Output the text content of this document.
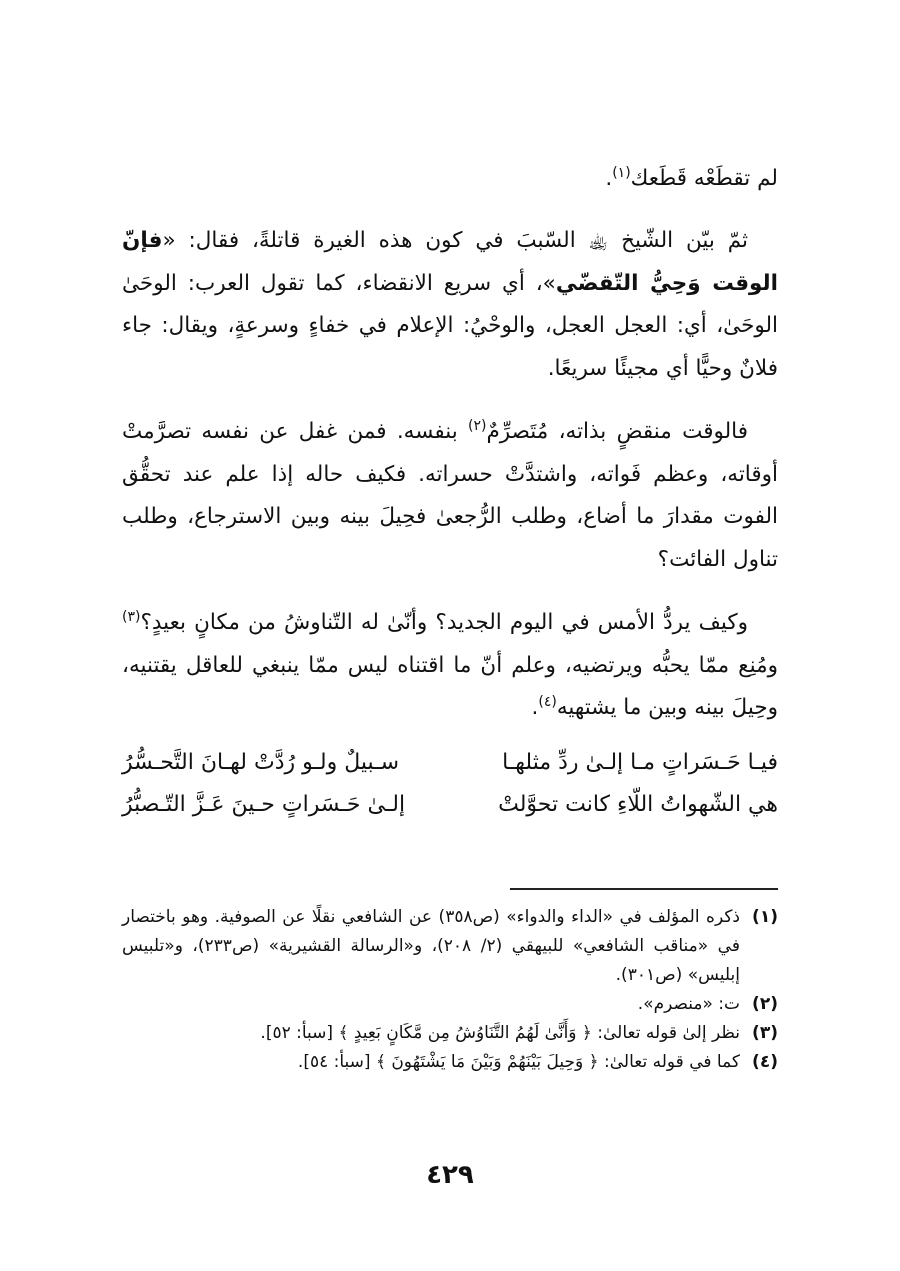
لم تقطَعْه قَطَعك$^{(١)}$.

ثمّ بيّن الشّيخ ﵀ السّببَ في كون هذه الغيرة قاتلةً، فقال: «فإنّ الوقت وَحِيُّ التّقضّي»، أي سريع الانقضاء، كما تقول العرب: الوحَىٰ الوحَىٰ، أي: العجل العجل، والوحْيُ: الإعلام في خفاءٍ وسرعةٍ، ويقال: جاء فلانٌ وحيًّا أي مجيئًا سريعًا.

فالوقت منقضٍ بذاته، مُتَصرِّمٌ$^{(٢)}$ بنفسه. فمن غفل عن نفسه تصرَّمتْ أوقاته، وعظم فَواته، واشتدَّتْ حسراته. فكيف حاله إذا علم عند تحقُّق الفوت مقدارَ ما أضاع، وطلب الرُّجعىٰ فحِيلَ بينه وبين الاسترجاع، وطلب تناول الفائت؟

وكيف يردُّ الأمس في اليوم الجديد؟ وأنّىٰ له التّناوشُ من مكانٍ بعيدٍ؟$^{(٣)}$ ومُنِع ممّا يحبُّه ويرتضيه، وعلم أنّ ما اقتناه ليس ممّا ينبغي للعاقل يقتنيه، وحِيلَ بينه وبين ما يشتهيه$^{(٤)}$.

فيـا حَـسَراتٍ مـا إلـىٰ ردِّ مثلهـا
سـبيلٌ ولـو رُدَّتْ لهـانَ التَّحـسُّرُ
هي الشّهواتُ اللّاءِ كانت تحوَّلتْ
إلـىٰ حَـسَراتٍ حـينَ عَـزَّ التّـصبُّرُ
(١)
ذكره المؤلف في «الداء والدواء» (ص٣٥٨) عن الشافعي نقلًا عن الصوفية. وهو باختصار في «مناقب الشافعي» للبيهقي (٢/ ٢٠٨)، و«الرسالة القشيرية» (ص٢٣٣)، و«تلبيس إبليس» (ص٣٠١).
(٢)
ت: «منصرم».
(٣)
نظر إلىٰ قوله تعالىٰ: ﴿ وَأَنَّىٰ لَهُمُ التَّنَاوُشُ مِن مَّكَانٍ بَعِيدٍ ﴾ [سبأ: ٥٢].
(٤)
كما في قوله تعالىٰ: ﴿ وَحِيلَ بَيْنَهُمْ وَبَيْنَ مَا يَشْتَهُونَ ﴾ [سبأ: ٥٤].
٤٢٩
